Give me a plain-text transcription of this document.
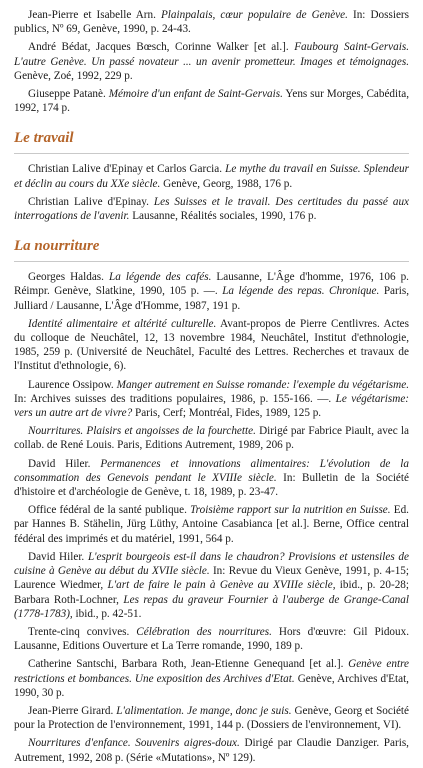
Jean-Pierre et Isabelle Arn. Plainpalais, cœur populaire de Genève. In: Dossiers publics, Nº 69, Genève, 1990, p. 24-43.

André Bédat, Jacques Bœsch, Corinne Walker [et al.]. Faubourg Saint-Gervais. L'autre Genève. Un passé novateur ... un avenir prometteur. Images et témoignages. Genève, Zoé, 1992, 229 p.

Giuseppe Patanè. Mémoire d'un enfant de Saint-Gervais. Yens sur Morges, Cabédita, 1992, 174 p.

Le travail

Christian Lalive d'Epinay et Carlos Garcia. Le mythe du travail en Suisse. Splendeur et déclin au cours du XXe siècle. Genève, Georg, 1988, 176 p.

Christian Lalive d'Epinay. Les Suisses et le travail. Des certitudes du passé aux interrogations de l'avenir. Lausanne, Réalités sociales, 1990, 176 p.

La nourriture

Georges Haldas. La légende des cafés. Lausanne, L'Âge d'homme, 1976, 106 p. Réimpr. Genève, Slatkine, 1990, 105 p. —. La légende des repas. Chronique. Paris, Julliard / Lausanne, L'Âge d'Homme, 1987, 191 p.

Identité alimentaire et altérité culturelle. Avant-propos de Pierre Centlivres. Actes du colloque de Neuchâtel, 12, 13 novembre 1984, Neuchâtel, Institut d'ethnologie, 1985, 259 p. (Université de Neuchâtel, Faculté des Lettres. Recherches et travaux de l'Institut d'ethnologie, 6).

Laurence Ossipow. Manger autrement en Suisse romande: l'exemple du végétarisme. In: Archives suisses des traditions populaires, 1986, p. 155-166. —. Le végétarisme: vers un autre art de vivre? Paris, Cerf; Montréal, Fides, 1989, 125 p.

Nourritures. Plaisirs et angoisses de la fourchette. Dirigé par Fabrice Piault, avec la collab. de René Louis. Paris, Editions Autrement, 1989, 206 p.

David Hiler. Permanences et innovations alimentaires: L'évolution de la consommation des Genevois pendant le XVIIIe siècle. In: Bulletin de la Société d'histoire et d'archéologie de Genève, t. 18, 1989, p. 23-47.

Office fédéral de la santé publique. Troisième rapport sur la nutrition en Suisse. Ed. par Hannes B. Stähelin, Jürg Lüthy, Antoine Casabianca [et al.]. Berne, Office central fédéral des imprimés et du matériel, 1991, 564 p.

David Hiler. L'esprit bourgeois est-il dans le chaudron? Provisions et ustensiles de cuisine à Genève au début du XVIIe siècle. In: Revue du Vieux Genève, 1991, p. 4-15; Laurence Wiedmer, L'art de faire le pain à Genève au XVIIIe siècle, ibid., p. 20-28; Barbara Roth-Lochner, Les repas du graveur Fournier à l'auberge de Grange-Canal (1778-1783), ibid., p. 42-51.

Trente-cinq convives. Célébration des nourritures. Hors d'œuvre: Gil Pidoux. Lausanne, Editions Ouverture et La Terre romande, 1990, 189 p.

Catherine Santschi, Barbara Roth, Jean-Etienne Genequand [et al.]. Genève entre restrictions et bombances. Une exposition des Archives d'Etat. Genève, Archives d'Etat, 1990, 30 p.

Jean-Pierre Girard. L'alimentation. Je mange, donc je suis. Genève, Georg et Société pour la Protection de l'environnement, 1991, 144 p. (Dossiers de l'environnement, VI).

Nourritures d'enfance. Souvenirs aigres-doux. Dirigé par Claudie Danziger. Paris, Autrement, 1992, 208 p. (Série «Mutations», Nº 129).
